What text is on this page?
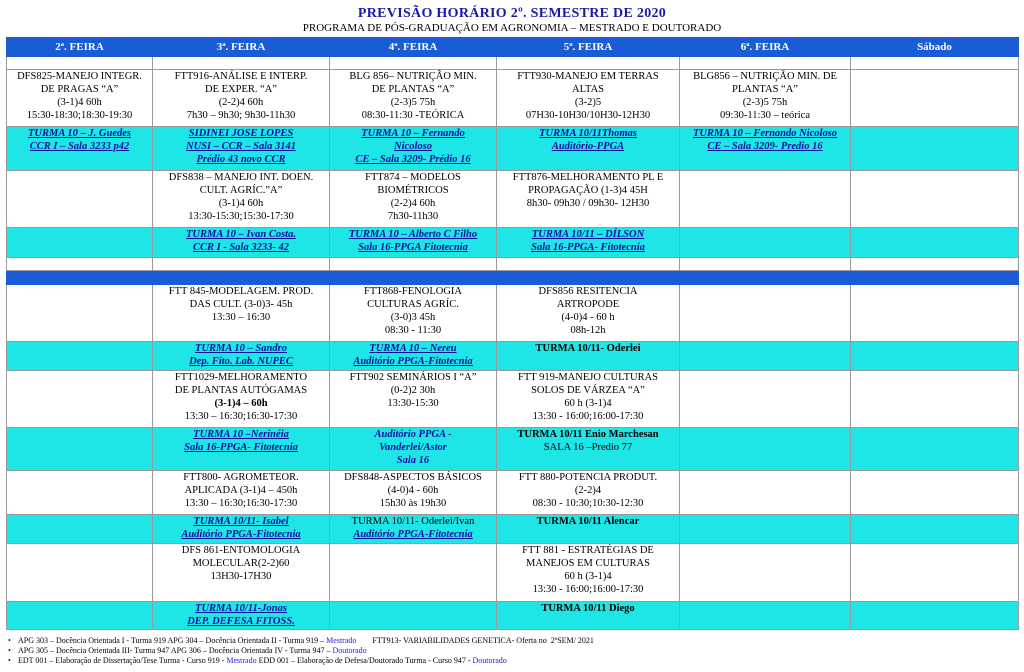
PREVISÃO HORÁRIO 2º. SEMESTRE DE 2020
PROGRAMA DE PÓS-GRADUAÇÃO EM AGRONOMIA – MESTRADO E DOUTORADO
2ª. FEIRA	3ª. FEIRA	4ª. FEIRA	5ª. FEIRA	6ª. FEIRA	Sábado

DFS825-MANEJO INTEGR.
DE PRAGAS “A”
(3-1)4 60h
15:30-18:30;18:30-19:30	FTT916-ANÁLISE E INTERP.
DE EXPER. “A”
(2-2)4 60h
7h30 – 9h30; 9h30-11h30	BLG 856– NUTRIÇÃO MIN.
DE PLANTAS “A”
(2-3)5 75h
08:30-11:30 -TEÓRICA	FTT930-MANEJO EM TERRAS
ALTAS
(3-2)5
07H30-10H30/10H30-12H30	BLG856 – NUTRIÇÃO MIN. DE
PLANTAS “A”
(2-3)5 75h
09:30-11:30 – teórica	

TURMA 10 – J. Guedes
CCR I – Sala 3233 p42	SIDINEI JOSE LOPES
NUSI – CCR – Sala 3141
Prédio 43 novo CCR	TURMA 10 – Fernando
Nicoloso
CE – Sala 3209- Prédio 16	TURMA 10/11Thomas
Auditório-PPGA	TURMA 10 – Fernando Nicoloso
CE – Sala 3209- Predio 16	

	DFS838 – MANEJO INT. DOEN.
CULT. AGRÍC.”A”
(3-1)4 60h
13:30-15:30;15:30-17:30	FTT874 – MODELOS
BIOMÉTRICOS
(2-2)4 60h
7h30-11h30	FTT876-MELHORAMENTO PL E
PROPAGAÇÃO (1-3)4 45H
8h30- 09h30 / 09h30- 12H30		

	TURMA 10 – Ivan Costa.
CCR I - Sala 3233- 42	TURMA 10 – Alberto C Filho
Sala 16-PPGA Fitotecnia	TURMA 10/11 – DÍLSON
Sala 16-PPGA- Fitotecnia		

	FTT 845-MODELAGEM. PROD.
DAS CULT. (3-0)3- 45h
13:30 – 16:30	FTT868-FENOLOGIA
CULTURAS AGRÍC.
(3-0)3 45h
08:30 - 11:30	DFS856 RESITENCIA
ARTROPODE
(4-0)4 - 60 h
08h-12h		

	TURMA 10 – Sandro
Dep. Fito. Lab. NUPEC	TURMA 10 – Nereu
Auditório PPGA-Fitotecnia	TURMA 10/11- Oderlei		

	FTT1029-MELHORAMENTO
DE PLANTAS AUTÓGAMAS
(3-1)4 – 60h
13:30 – 16:30;16:30-17:30	FTT902 SEMINÁRIOS I “A”
(0-2)2 30h
13:30-15:30	FTT 919-MANEJO CULTURAS
SOLOS DE VÁRZEA “A”
60 h (3-1)4
13:30 - 16:00;16:00-17:30		

	TURMA 10 –Nerinéia
Sala 16-PPGA- Fitotecnia	Auditório PPGA -
Vanderlei/Astor
Sala 16	TURMA 10/11 Enio Marchesan
SALA 16 –Predio 77		

	FTT800- AGROMETEOR.
APLICADA (3-1)4 – 450h
13:30 – 16:30;16:30-17:30	DFS848-ASPECTOS BÁSICOS
(4-0)4 - 60h
15h30 às 19h30	FTT 880-POTENCIA PRODUT.
(2-2)4
08:30 - 10:30;10:30-12:30		

	TURMA 10/11- Isabel
Auditório PPGA-Fitotecnia	TURMA 10/11- Oderlei/Ivan
Auditório PPGA-Fitotecnia	TURMA 10/11 Alencar		

	DFS 861-ENTOMOLOGIA
MOLECULAR(2-2)60
13H30-17H30		FTT 881 - ESTRATÉGIAS DE
MANEJOS EM CULTURAS
60 h (3-1)4
13:30 - 16:00;16:00-17:30		

	TURMA 10/11-Jonas
DEP. DEFESA FITOSS.		TURMA 10/11 Diego		

• APG 303 – Docência Orientada I - Turma 919 APG 304 – Docência Orientada II - Turma 919 – Mestrado        FTT913- VARIABILIDADES GENETICA- Oferta no  2ºSEM/ 2021
• APG 305 – Docência Orientada III- Turma 947 APG 306 – Docência Orientada IV - Turma 947 – Doutorado
• EDT 001 – Elaboração de Dissertação/Tese Turma - Curso 919 - Mestrado EDD 001 – Elaboração de Defesa/Doutorado Turma - Curso 947 - Doutorado
